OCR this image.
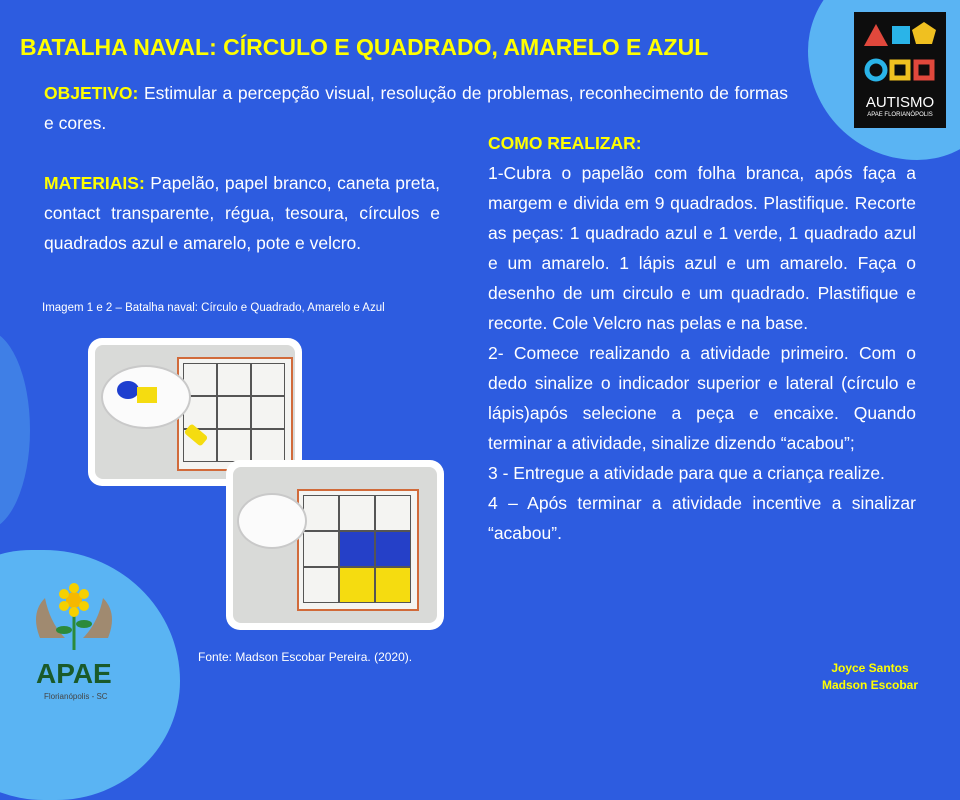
BATALHA NAVAL: CÍRCULO E QUADRADO, AMARELO E AZUL
OBJETIVO: Estimular a percepção visual, resolução de problemas, reconhecimento de formas e cores.
MATERIAIS: Papelão, papel branco, caneta preta, contact transparente, régua, tesoura, círculos e quadrados azul e amarelo, pote e velcro.

COMO REALIZAR:

1-Cubra o papelão com folha branca, após faça a margem e divida em 9 quadrados. Plastifique. Recorte as peças: 1 quadrado azul e 1 verde, 1 quadrado azul e um amarelo. 1 lápis azul e um amarelo. Faça o desenho de um circulo e um quadrado. Plastifique e recorte. Cole Velcro nas pelas e na base.

2- Comece realizando a atividade primeiro. Com o dedo sinalize o indicador superior e lateral (círculo e lápis)após selecione a peça e encaixe. Quando terminar a atividade, sinalize dizendo “acabou”;

3 - Entregue a atividade para que a criança realize.

4 – Após terminar a atividade incentive a sinalizar “acabou”.

Imagem 1 e 2 – Batalha naval: Círculo e Quadrado, Amarelo e Azul
Fonte: Madson Escobar Pereira. (2020).
Joyce Santos
Madson Escobar
AUTISMO
APAE FLORIANÓPOLIS
APAE
Florianópolis - SC
